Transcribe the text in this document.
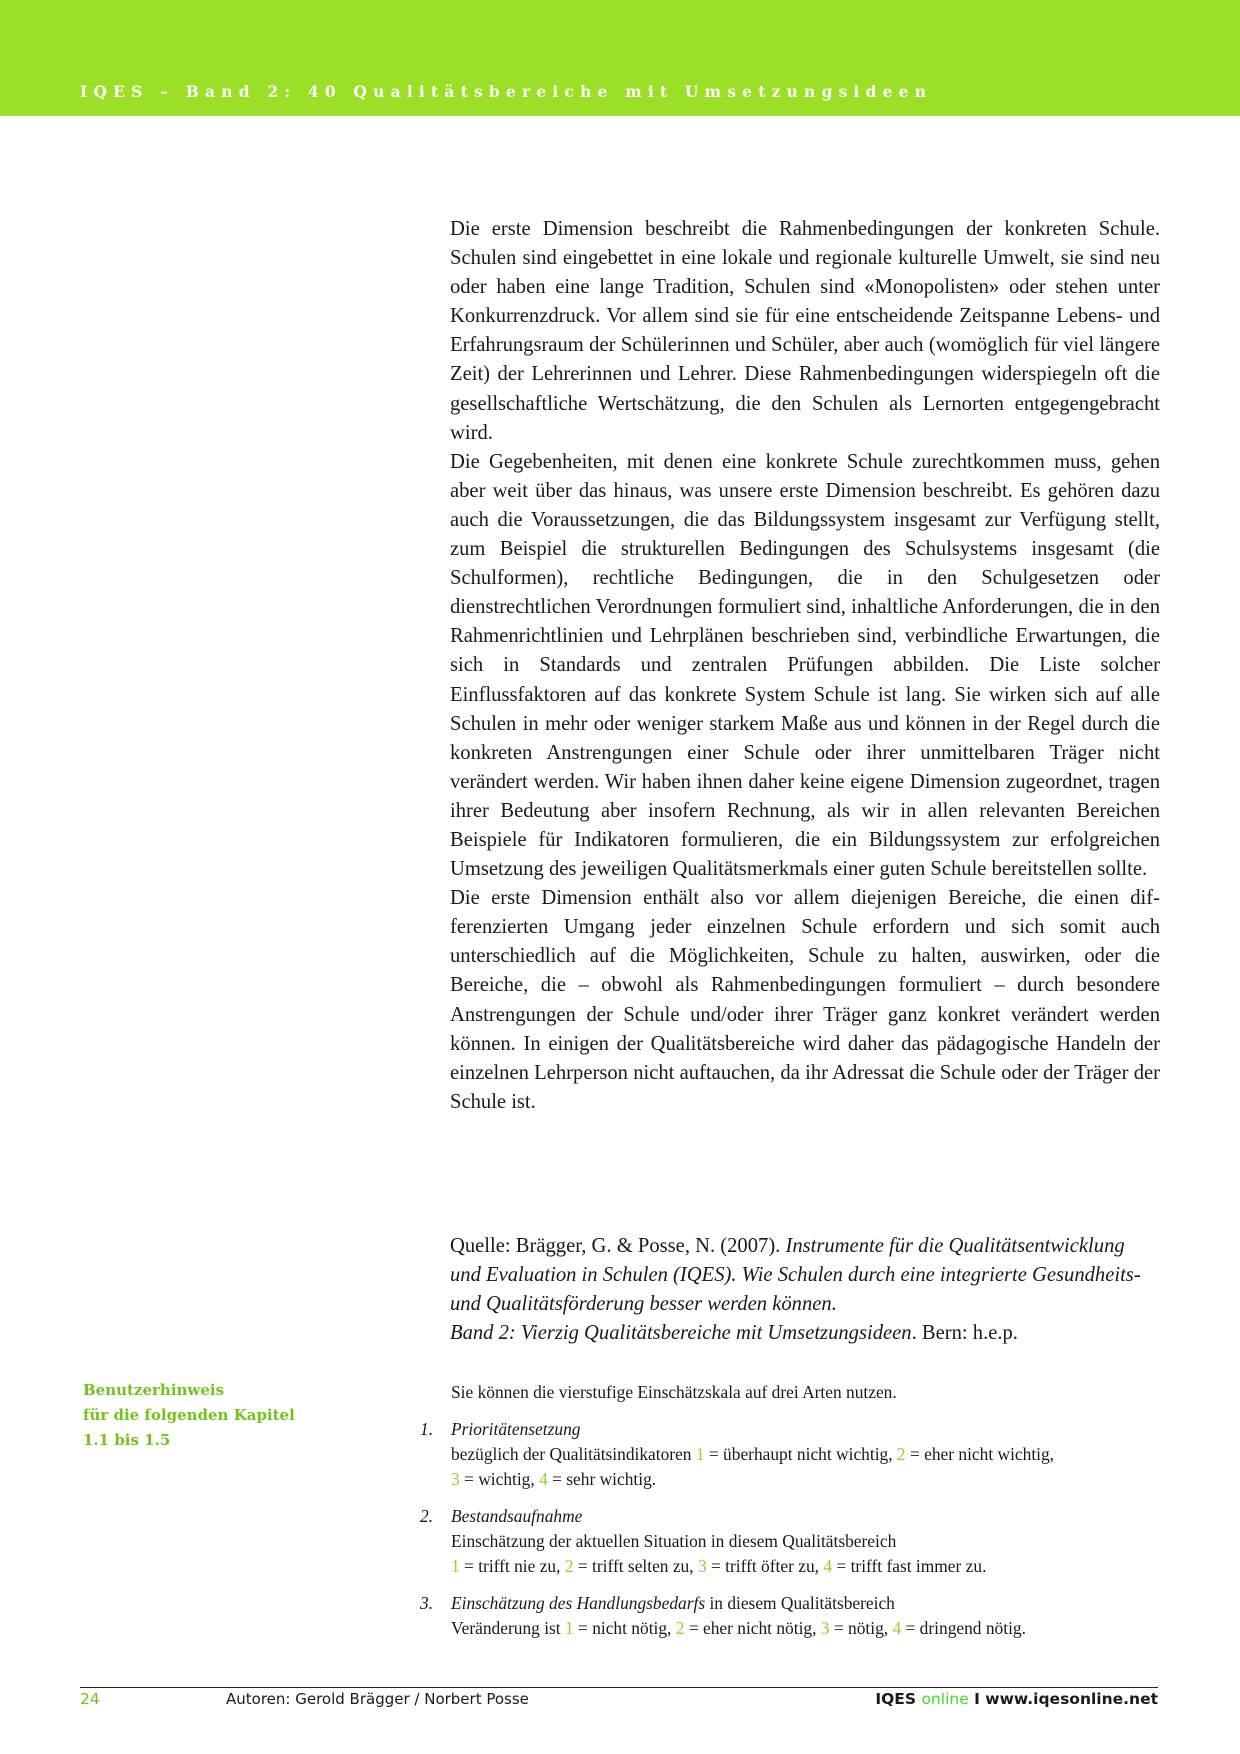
IQES – Band 2: 40 Qualitätsbereiche mit Umsetzungsideen

Die erste Dimension beschreibt die Rahmenbedingungen der konkreten Schule. Schulen sind eingebettet in eine lokale und regionale kulturelle Umwelt, sie sind neu oder haben eine lange Tradition, Schulen sind «Monopolisten» oder stehen unter Konkurrenzdruck. Vor allem sind sie für eine entscheidende Zeitspanne Lebens- und Erfahrungsraum der Schülerinnen und Schüler, aber auch (womöglich für viel längere Zeit) der Lehrerinnen und Lehrer. Diese Rahmenbedingungen widerspiegeln oft die gesellschaftliche Wertschätzung, die den Schulen als Lernorten entgegengebracht wird.

Die Gegebenheiten, mit denen eine konkrete Schule zurechtkommen muss, gehen aber weit über das hinaus, was unsere erste Dimension beschreibt. Es gehören dazu auch die Voraussetzungen, die das Bildungssystem insgesamt zur Verfügung stellt, zum Beispiel die strukturellen Bedingungen des Schulsystems insgesamt (die Schulformen), rechtliche Bedingungen, die in den Schulgesetzen oder dienstrechtlichen Verordnungen formuliert sind, inhaltliche Anforderungen, die in den Rahmenrichtlinien und Lehrplänen beschrieben sind, verbindliche Erwartungen, die sich in Standards und zentralen Prüfungen abbilden. Die Liste solcher Einflussfaktoren auf das konkrete System Schule ist lang. Sie wirken sich auf alle Schulen in mehr oder weniger starkem Maße aus und können in der Regel durch die konkreten Anstrengungen einer Schule oder ihrer unmittelbaren Träger nicht verändert werden. Wir haben ihnen daher keine eigene Dimension zugeordnet, tragen ihrer Bedeutung aber insofern Rechnung, als wir in allen relevanten Bereichen Beispiele für Indikatoren formulieren, die ein Bildungssystem zur erfolgreichen Umsetzung des jeweiligen Qualitätsmerkmals einer guten Schule bereitstellen sollte.

Die erste Dimension enthält also vor allem diejenigen Bereiche, die einen differenzierten Umgang jeder einzelnen Schule erfordern und sich somit auch unterschiedlich auf die Möglichkeiten, Schule zu halten, auswirken, oder die Bereiche, die – obwohl als Rahmenbedingungen formuliert – durch besondere Anstrengungen der Schule und/oder ihrer Träger ganz konkret verändert werden können. In einigen der Qualitätsbereiche wird daher das pädagogische Handeln der einzelnen Lehrperson nicht auftauchen, da ihr Adressat die Schule oder der Träger der Schule ist.

Quelle: Brägger, G. & Posse, N. (2007). Instrumente für die Qualitätsentwicklung und Evaluation in Schulen (IQES). Wie Schulen durch eine integrierte Gesundheits- und Qualitätsförderung besser werden können.

Band 2: Vierzig Qualitätsbereiche mit Umsetzungsideen. Bern: h.e.p.

Benutzerhinweis
für die folgenden Kapitel
1.1 bis 1.5
Sie können die vierstufige Einschätzskala auf drei Arten nutzen.
1. Prioritätensetzung
bezüglich der Qualitätsindikatoren 1 = überhaupt nicht wichtig, 2 = eher nicht wichtig,
3 = wichtig, 4 = sehr wichtig.
2. Bestandsaufnahme
Einschätzung der aktuellen Situation in diesem Qualitätsbereich
1 = trifft nie zu, 2 = trifft selten zu, 3 = trifft öfter zu, 4 = trifft fast immer zu.
3. Einschätzung des Handlungsbedarfs in diesem Qualitätsbereich
Veränderung ist 1 = nicht nötig, 2 = eher nicht nötig, 3 = nötig, 4 = dringend nötig.
24	Autoren: Gerold Brägger / Norbert Posse	IQES online I www.iqesonline.net
